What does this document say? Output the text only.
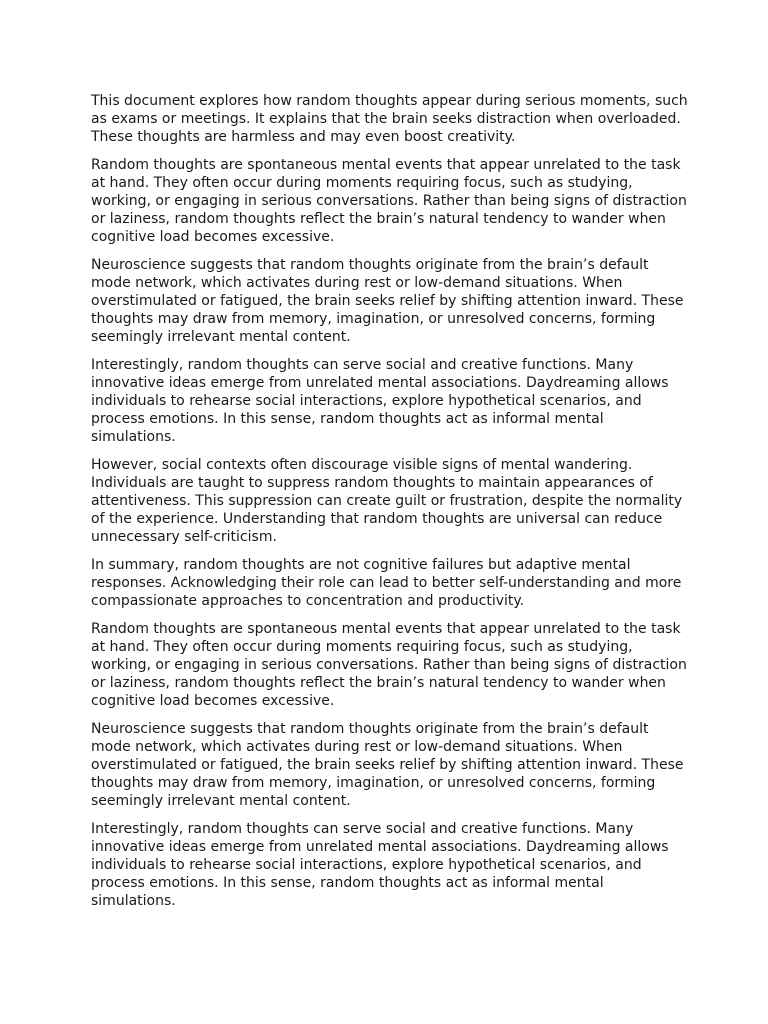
This document explores how random thoughts appear during serious moments, such as exams or meetings. It explains that the brain seeks distraction when overloaded. These thoughts are harmless and may even boost creativity.

Random thoughts are spontaneous mental events that appear unrelated to the task at hand. They often occur during moments requiring focus, such as studying, working, or engaging in serious conversations. Rather than being signs of distraction or laziness, random thoughts reflect the brain’s natural tendency to wander when cognitive load becomes excessive.

Neuroscience suggests that random thoughts originate from the brain’s default mode network, which activates during rest or low-demand situations. When overstimulated or fatigued, the brain seeks relief by shifting attention inward. These thoughts may draw from memory, imagination, or unresolved concerns, forming seemingly irrelevant mental content.

Interestingly, random thoughts can serve social and creative functions. Many innovative ideas emerge from unrelated mental associations. Daydreaming allows individuals to rehearse social interactions, explore hypothetical scenarios, and process emotions. In this sense, random thoughts act as informal mental simulations.

However, social contexts often discourage visible signs of mental wandering. Individuals are taught to suppress random thoughts to maintain appearances of attentiveness. This suppression can create guilt or frustration, despite the normality of the experience. Understanding that random thoughts are universal can reduce unnecessary self-criticism.

In summary, random thoughts are not cognitive failures but adaptive mental responses. Acknowledging their role can lead to better self-understanding and more compassionate approaches to concentration and productivity.

Random thoughts are spontaneous mental events that appear unrelated to the task at hand. They often occur during moments requiring focus, such as studying, working, or engaging in serious conversations. Rather than being signs of distraction or laziness, random thoughts reflect the brain’s natural tendency to wander when cognitive load becomes excessive.

Neuroscience suggests that random thoughts originate from the brain’s default mode network, which activates during rest or low-demand situations. When overstimulated or fatigued, the brain seeks relief by shifting attention inward. These thoughts may draw from memory, imagination, or unresolved concerns, forming seemingly irrelevant mental content.

Interestingly, random thoughts can serve social and creative functions. Many innovative ideas emerge from unrelated mental associations. Daydreaming allows individuals to rehearse social interactions, explore hypothetical scenarios, and process emotions. In this sense, random thoughts act as informal mental simulations.
